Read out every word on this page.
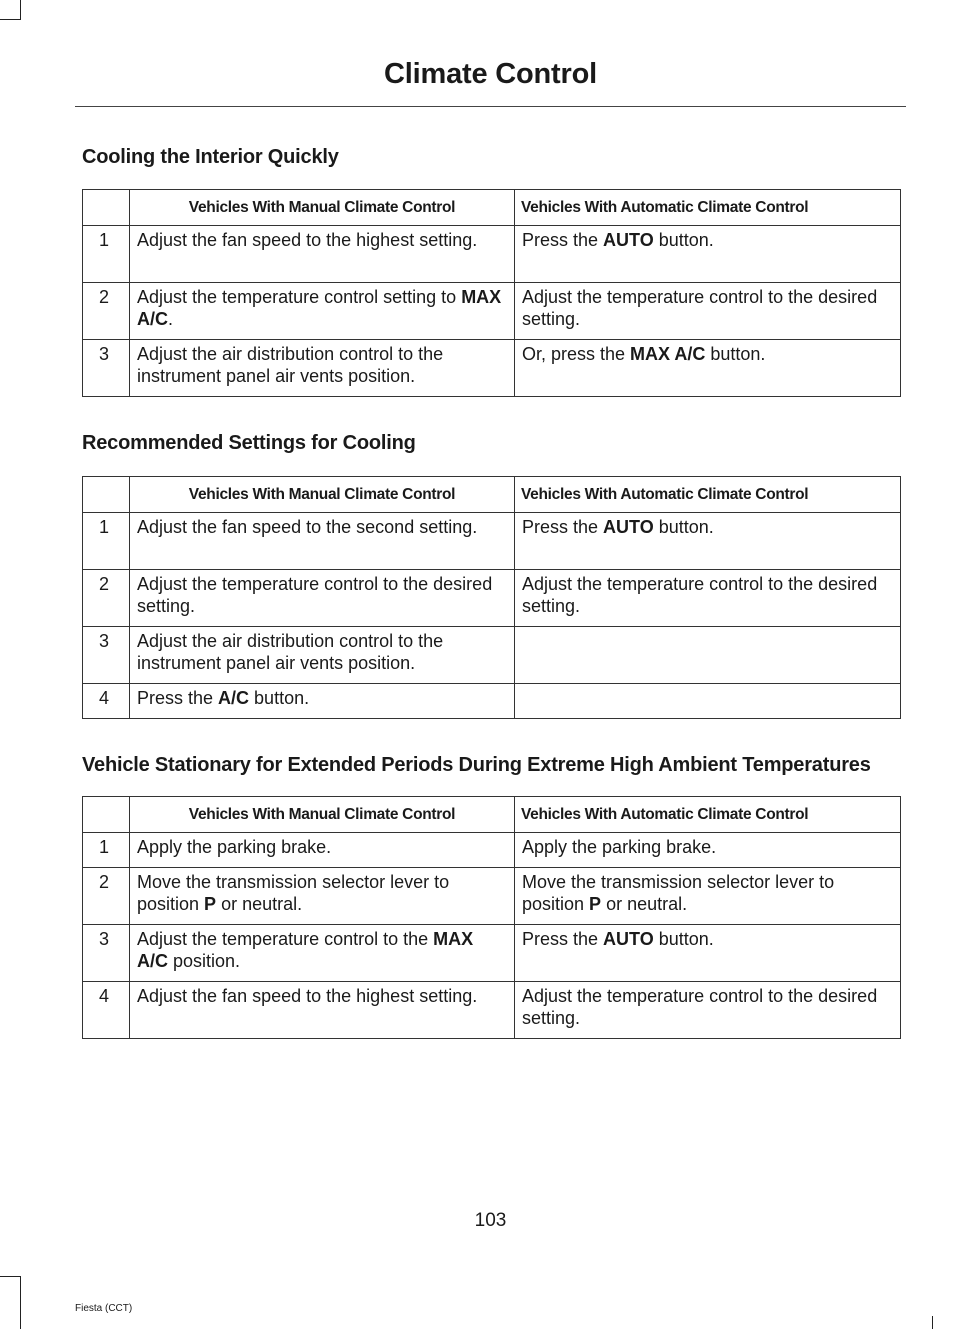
Climate Control
Cooling the Interior Quickly
	Vehicles With Manual Climate Control	Vehicles With Automatic Climate Control
1	Adjust the fan speed to the highest setting.	Press the AUTO button.
2	Adjust the temperature control setting to MAX A/C.	Adjust the temperature control to the desired setting.
3	Adjust the air distribution control to the instrument panel air vents position.	Or, press the MAX A/C button.
Recommended Settings for Cooling
	Vehicles With Manual Climate Control	Vehicles With Automatic Climate Control
1	Adjust the fan speed to the second setting.	Press the AUTO button.
2	Adjust the temperature control to the desired setting.	Adjust the temperature control to the desired setting.
3	Adjust the air distribution control to the instrument panel air vents position.	
4	Press the A/C button.	
Vehicle Stationary for Extended Periods During Extreme High Ambient Temperatures
	Vehicles With Manual Climate Control	Vehicles With Automatic Climate Control
1	Apply the parking brake.	Apply the parking brake.
2	Move the transmission selector lever to position P or neutral.	Move the transmission selector lever to position P or neutral.
3	Adjust the temperature control to the MAX A/C position.	Press the AUTO button.
4	Adjust the fan speed to the highest setting.	Adjust the temperature control to the desired setting.
103
Fiesta (CCT)
